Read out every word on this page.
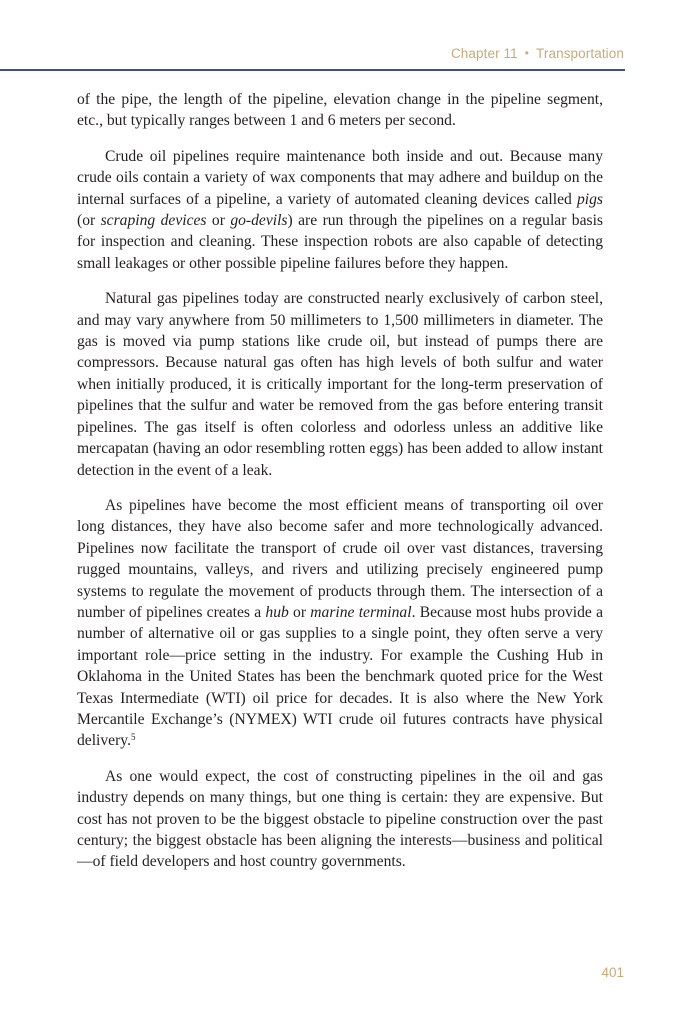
Chapter 11 • Transportation

of the pipe, the length of the pipeline, elevation change in the pipeline segment, etc., but typically ranges between 1 and 6 meters per second.

Crude oil pipelines require maintenance both inside and out. Because many crude oils contain a variety of wax components that may adhere and buildup on the internal surfaces of a pipeline, a variety of automated cleaning devices called pigs (or scraping devices or go-devils) are run through the pipelines on a regular basis for inspection and cleaning. These inspection robots are also capable of detecting small leakages or other possible pipeline failures before they happen.

Natural gas pipelines today are constructed nearly exclusively of carbon steel, and may vary anywhere from 50 millimeters to 1,500 millimeters in diameter. The gas is moved via pump stations like crude oil, but instead of pumps there are compressors. Because natural gas often has high levels of both sulfur and water when initially produced, it is critically important for the long-term preservation of pipelines that the sulfur and water be removed from the gas before entering transit pipelines. The gas itself is often colorless and odorless unless an additive like mercapatan (having an odor resembling rotten eggs) has been added to allow instant detection in the event of a leak.

As pipelines have become the most efficient means of transporting oil over long distances, they have also become safer and more technologically advanced. Pipelines now facilitate the transport of crude oil over vast distances, traversing rugged mountains, valleys, and rivers and utilizing precisely engineered pump systems to regulate the movement of products through them. The intersection of a number of pipelines creates a hub or marine terminal. Because most hubs provide a number of alternative oil or gas supplies to a single point, they often serve a very important role—price setting in the industry. For example the Cushing Hub in Oklahoma in the United States has been the benchmark quoted price for the West Texas Intermediate (WTI) oil price for decades. It is also where the New York Mercantile Exchange’s (NYMEX) WTI crude oil futures contracts have physical delivery.$^5$

As one would expect, the cost of constructing pipelines in the oil and gas industry depends on many things, but one thing is certain: they are expensive. But cost has not proven to be the biggest obstacle to pipeline construction over the past century; the biggest obstacle has been aligning the interests—business and political—of field developers and host country governments.

401
